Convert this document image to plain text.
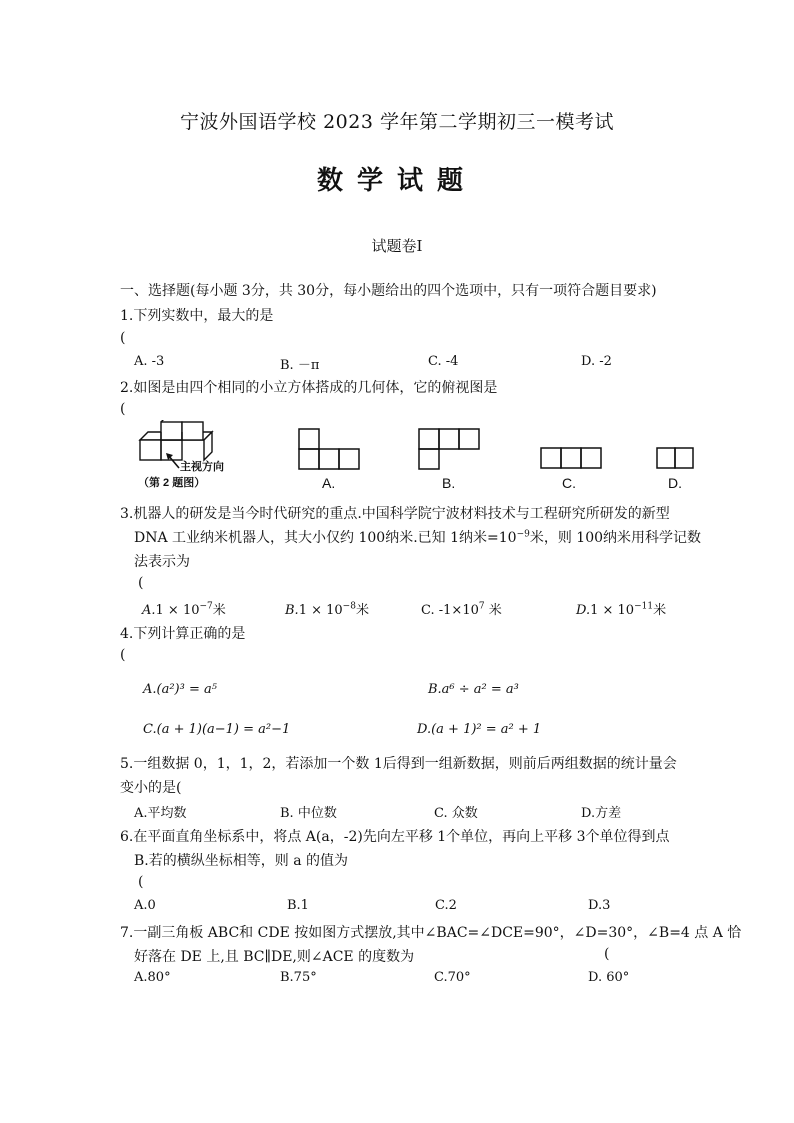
宁波外国语学校 2023 学年第二学期初三一模考试
数学试题
试题卷Ⅰ
一、选择题(每小题 3分，共 30分，每小题给出的四个选项中，只有一项符合题目要求)
1.下列实数中，最大的是
(
A. -3	B. －π	C. -4	D. -2
2.如图是由四个相同的小立方体搭成的几何体，它的俯视图是
(
主视方向
（第 2 题图）	A.	B.	C.	D.
3.机器人的研发是当今时代研究的重点.中国科学院宁波材料技术与工程研究所研发的新型
DNA 工业纳米机器人，其大小仅约 100纳米.已知 1纳米$=10^{-9}$米，则 100纳米用科学记数
法表示为
(
$A.1 \times 10^{-7}$米	$B.1 \times 10^{-8}$米	C. $-1\times 10^7$ 米	$D.1 \times 10^{-11}$米
4.下列计算正确的是
(
A.(a²)³ = a⁵	B.a⁶ ÷ a² = a³
C.(a + 1)(a−1) = a²−1	D.(a + 1)² = a² + 1
5.一组数据 0，1，1，2，若添加一个数 1后得到一组新数据，则前后两组数据的统计量会
变小的是(
A.平均数	B. 中位数	C. 众数	D.方差
6.在平面直角坐标系中，将点 A(a，-2)先向左平移 1个单位，再向上平移 3个单位得到点
B.若的横纵坐标相等，则 a 的值为
(
A.0	B.1	C.2	D.3
7.一副三角板 ABC和 CDE 按如图方式摆放,其中∠BAC=∠DCE=90°，∠D=30°，∠B=4 点 A 恰
好落在 DE 上,且 BC∥DE,则∠ACE 的度数为	(
A.80°	B.75°	C.70°	D. 60°
